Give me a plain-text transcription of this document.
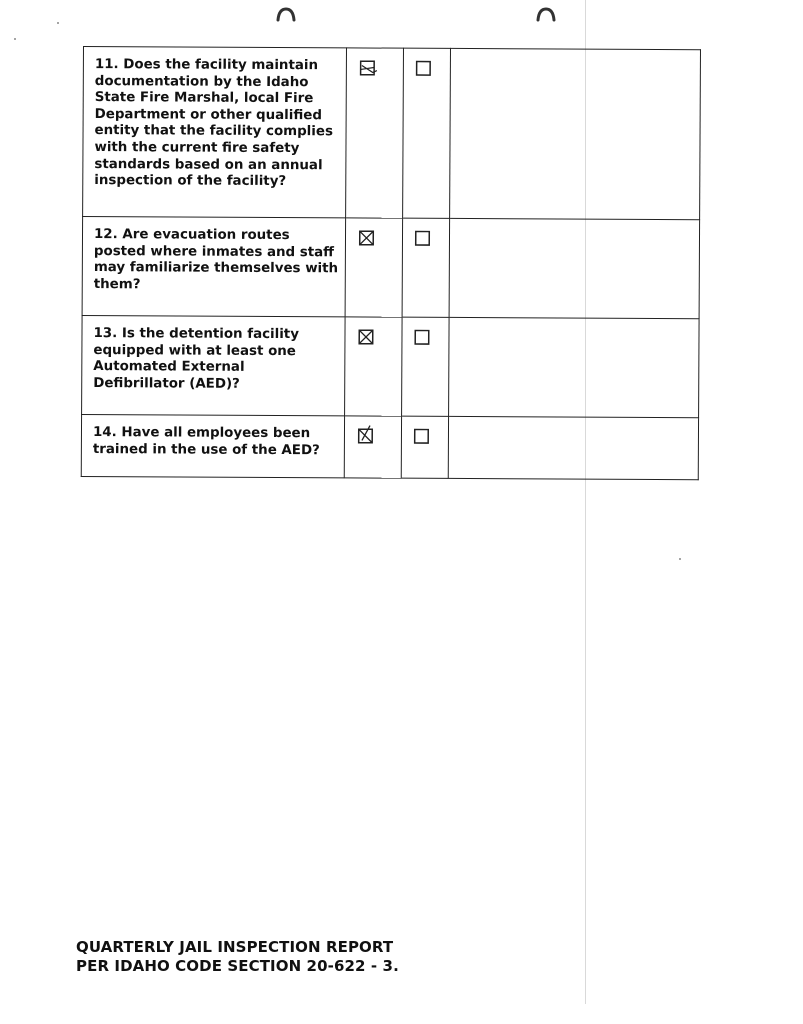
11. Does the facility maintain documentation by the Idaho State Fire Marshal, local Fire Department or other qualified entity that the facility complies with the current fire safety standards based on an annual inspection of the facility?	

12. Are evacuation routes posted where inmates and staff may familiarize themselves with them?	

13. Is the detention facility equipped with at least one Automated External Defibrillator (AED)?	

14. Have all employees been trained in the use of the AED?	

QUARTERLY JAIL INSPECTION REPORT
PER IDAHO CODE SECTION 20-622 - 3.
